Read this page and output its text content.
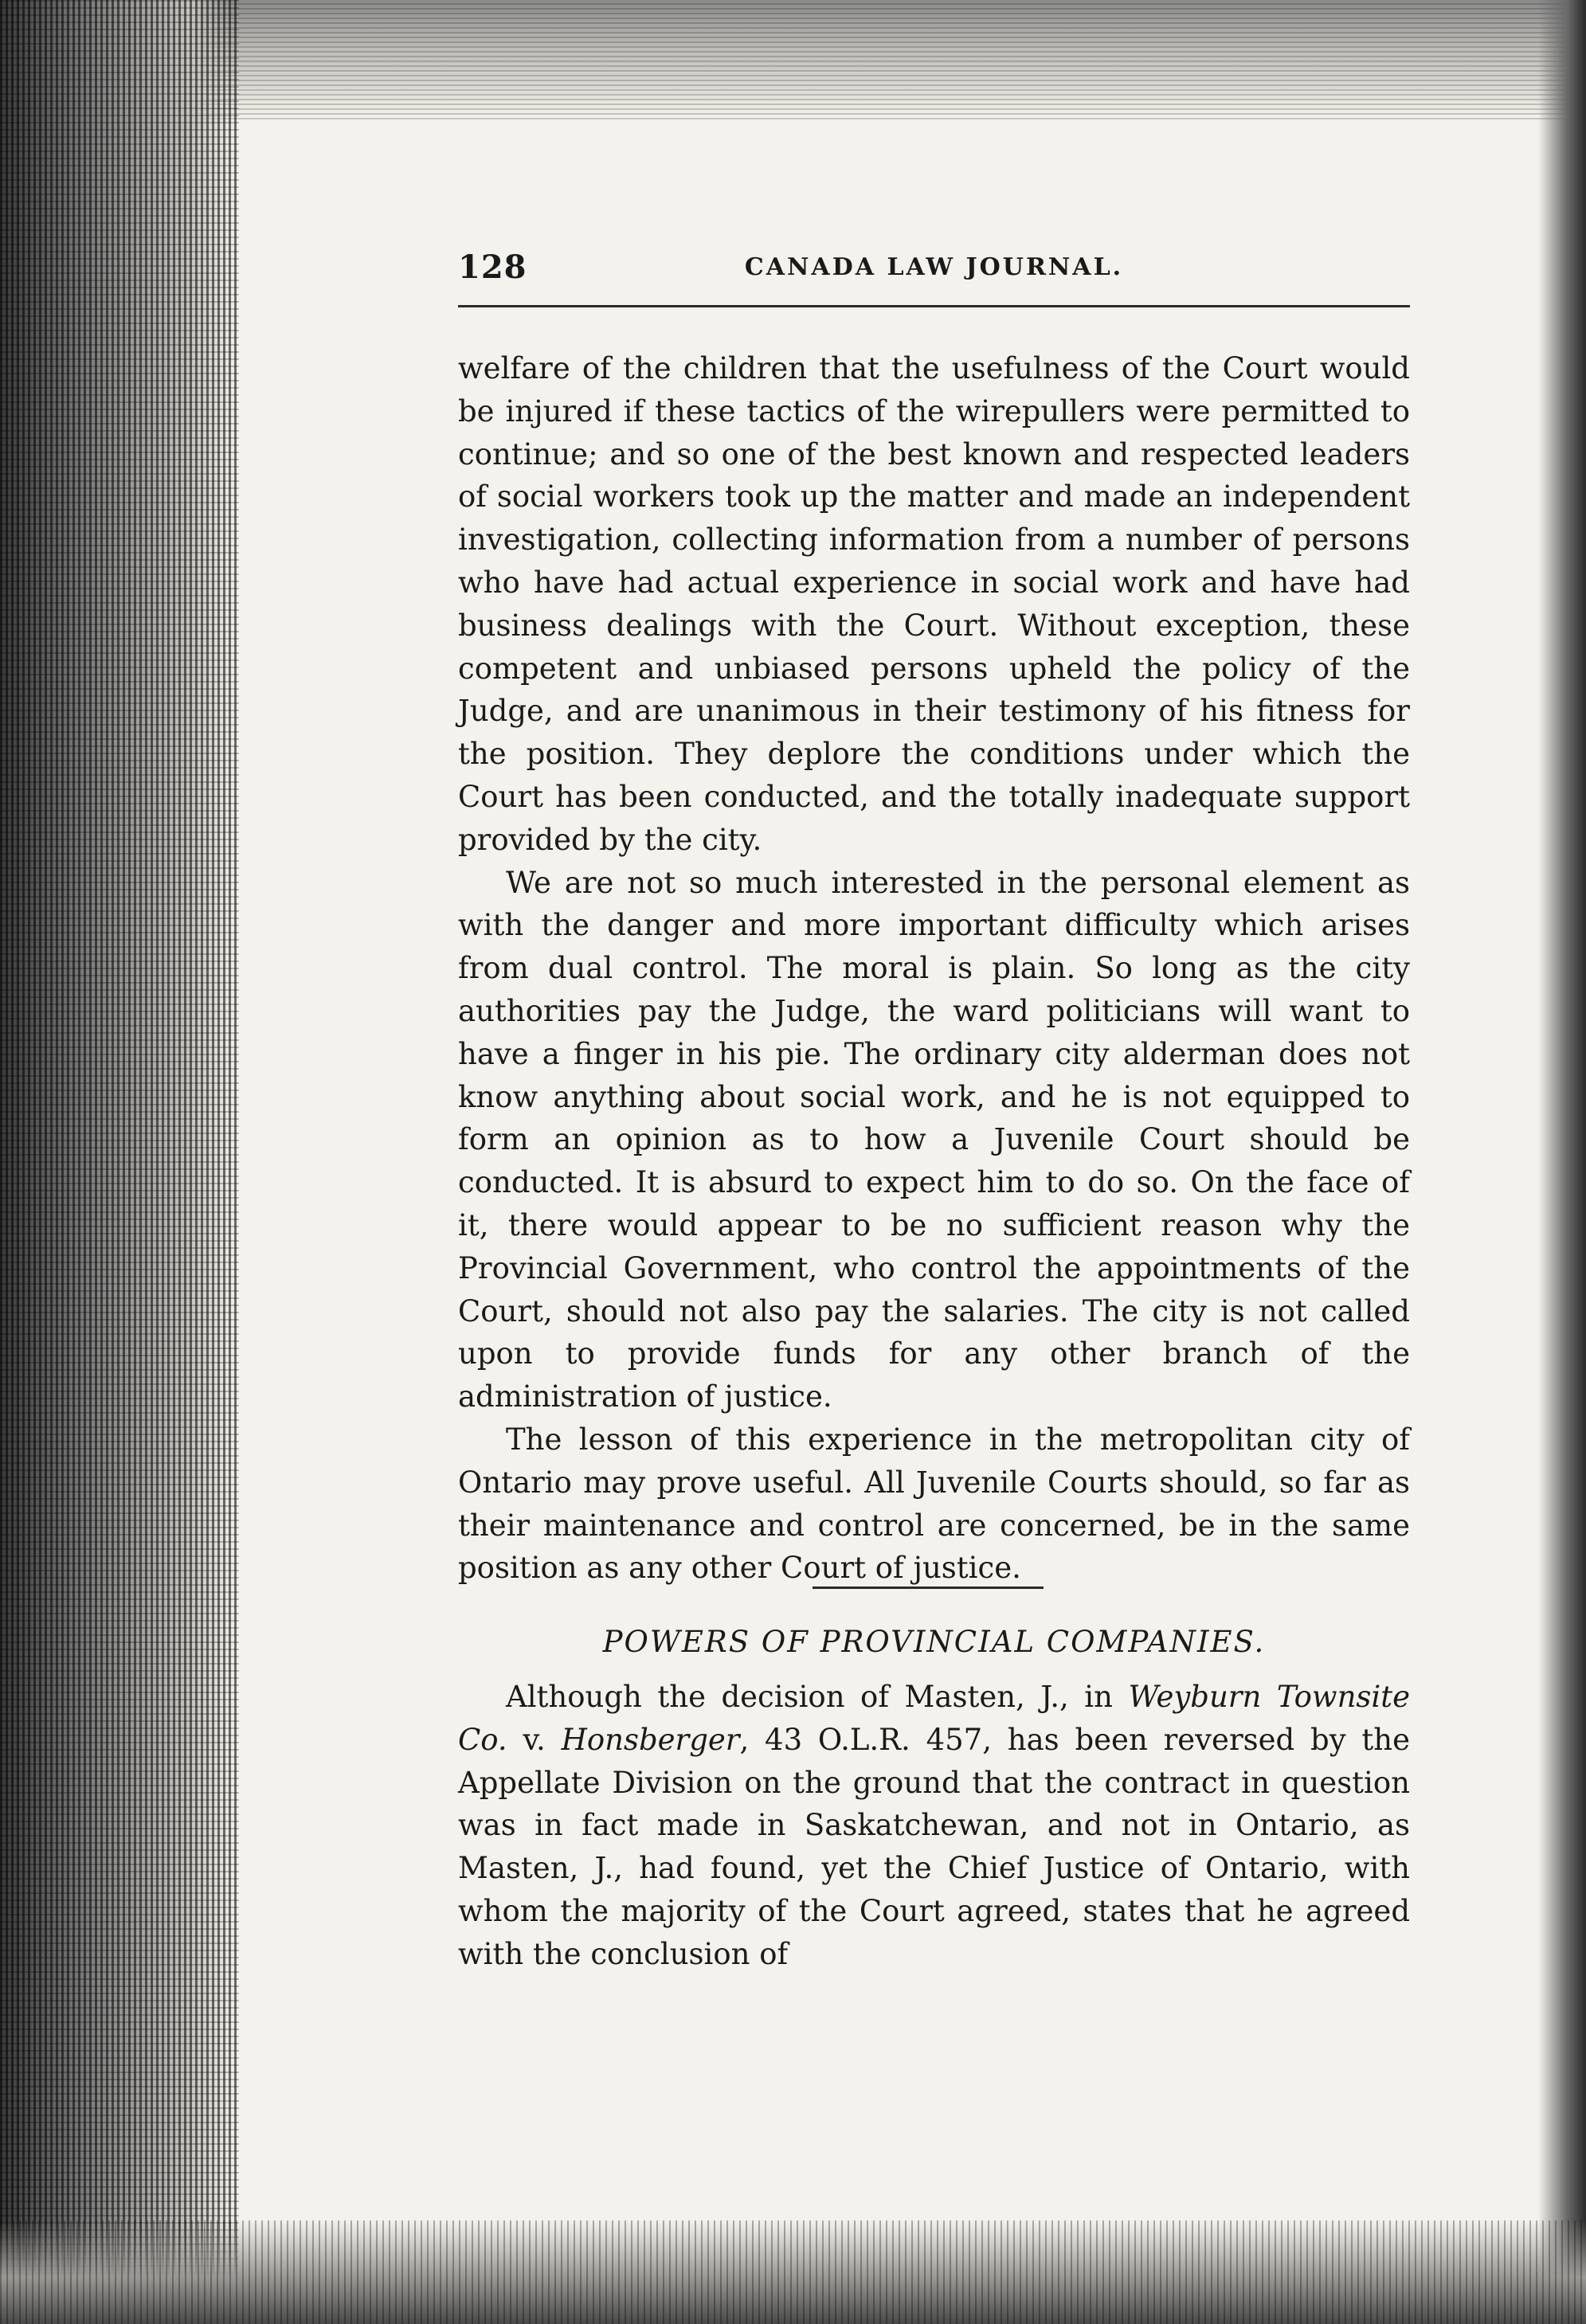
128	CANADA LAW JOURNAL.

welfare of the children that the usefulness of the Court would be injured if these tactics of the wirepullers were permitted to continue; and so one of the best known and respected leaders of social workers took up the matter and made an independent investigation, collecting information from a number of persons who have had actual experience in social work and have had business dealings with the Court. Without exception, these competent and unbiased persons upheld the policy of the Judge, and are unanimous in their testimony of his fitness for the position. They deplore the conditions under which the Court has been conducted, and the totally inadequate support provided by the city.

We are not so much interested in the personal element as with the danger and more important difficulty which arises from dual control. The moral is plain. So long as the city authorities pay the Judge, the ward politicians will want to have a finger in his pie. The ordinary city alderman does not know anything about social work, and he is not equipped to form an opinion as to how a Juvenile Court should be conducted. It is absurd to expect him to do so. On the face of it, there would appear to be no sufficient reason why the Provincial Government, who control the appointments of the Court, should not also pay the salaries. The city is not called upon to provide funds for any other branch of the administration of justice.

The lesson of this experience in the metropolitan city of Ontario may prove useful. All Juvenile Courts should, so far as their maintenance and control are concerned, be in the same position as any other Court of justice.

POWERS OF PROVINCIAL COMPANIES.

Although the decision of Masten, J., in Weyburn Townsite Co. v. Honsberger, 43 O.L.R. 457, has been reversed by the Appellate Division on the ground that the contract in question was in fact made in Saskatchewan, and not in Ontario, as Masten, J., had found, yet the Chief Justice of Ontario, with whom the majority of the Court agreed, states that he agreed with the conclusion of
